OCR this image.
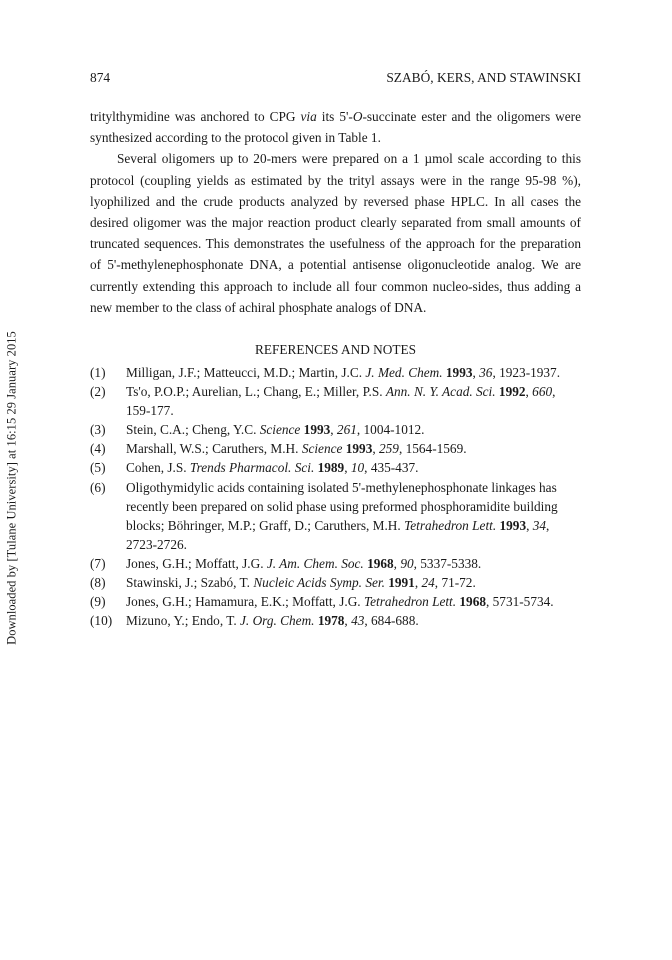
Downloaded by [Tulane University] at 16:15 29 January 2015
874	SZABÓ, KERS, AND STAWINSKI

tritylthymidine was anchored to CPG via its 5'-O-succinate ester and the oligomers were synthesized according to the protocol given in Table 1.

Several oligomers up to 20-mers were prepared on a 1 µmol scale according to this protocol (coupling yields as estimated by the trityl assays were in the range 95-98 %), lyophilized and the crude products analyzed by reversed phase HPLC. In all cases the desired oligomer was the major reaction product clearly separated from small amounts of truncated sequences. This demonstrates the usefulness of the approach for the preparation of 5'-methylenephosphonate DNA, a potential antisense oligonucleotide analog. We are currently extending this approach to include all four common nucleo-sides, thus adding a new member to the class of achiral phosphate analogs of DNA.

REFERENCES AND NOTES
(1)	Milligan, J.F.; Matteucci, M.D.; Martin, J.C. J. Med. Chem. 1993, 36, 1923-1937.
(2)	Ts'o, P.O.P.; Aurelian, L.; Chang, E.; Miller, P.S. Ann. N. Y. Acad. Sci. 1992, 660, 159-177.
(3)	Stein, C.A.; Cheng, Y.C. Science 1993, 261, 1004-1012.
(4)	Marshall, W.S.; Caruthers, M.H. Science 1993, 259, 1564-1569.
(5)	Cohen, J.S. Trends Pharmacol. Sci. 1989, 10, 435-437.
(6)	Oligothymidylic acids containing isolated 5'-methylenephosphonate linkages has recently been prepared on solid phase using preformed phosphoramidite building blocks; Böhringer, M.P.; Graff, D.; Caruthers, M.H. Tetrahedron Lett. 1993, 34, 2723-2726.
(7)	Jones, G.H.; Moffatt, J.G. J. Am. Chem. Soc. 1968, 90, 5337-5338.
(8)	Stawinski, J.; Szabó, T. Nucleic Acids Symp. Ser. 1991, 24, 71-72.
(9)	Jones, G.H.; Hamamura, E.K.; Moffatt, J.G. Tetrahedron Lett. 1968, 5731-5734.
(10)	Mizuno, Y.; Endo, T. J. Org. Chem. 1978, 43, 684-688.
